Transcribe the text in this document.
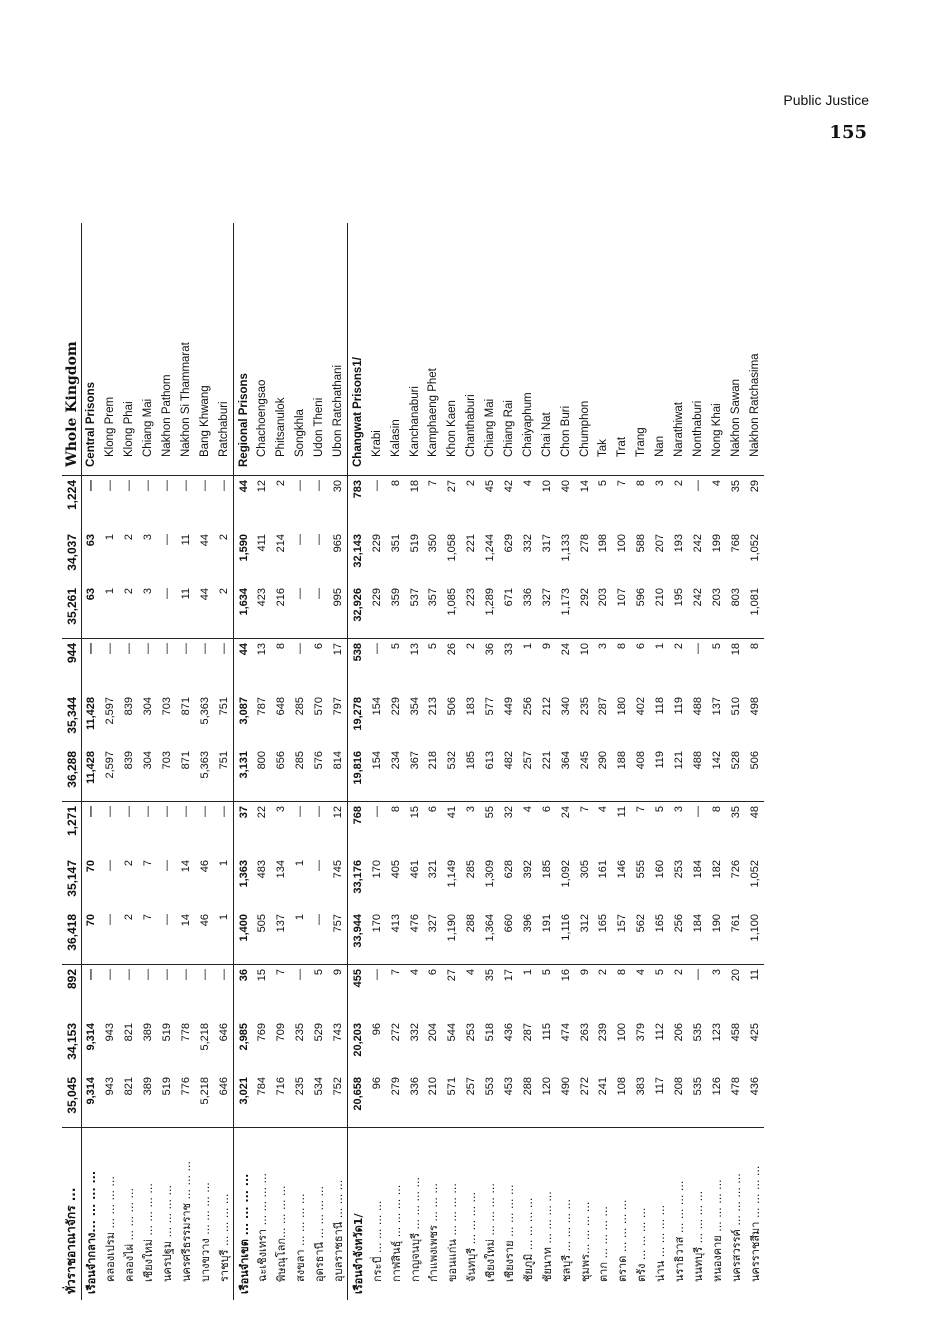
Public Justice
155
ทั่วราชอาณาจักร ...	35,045	34,153	892	36,418	35,147	1,271	36,288	35,344	944	35,261	34,037	1,224	Whole Kingdom
เรือนจำกลาง... ... ... ...	9,314	9,314	—	70	70	—	11,428	11,428	—	63	63	—	Central Prisons
คลองเปรม ... ... ... ...	943	943	—	—	—	—	2,597	2,597	—	1	1	—	Klong Prem
คลองไผ่ ... ... ... ...	821	821	—	2	2	—	839	839	—	2	2	—	Klong Phai
เชียงใหม่ ... ... ... ...	389	389	—	7	7	—	304	304	—	3	3	—	Chiang Mai
นครปฐม ... ... ... ...	519	519	—	—	—	—	703	703	—	—	—	—	Nakhon Pathom
นครศรีธรรมราช ... ... ...	776	778	—	14	14	—	871	871	—	11	11	—	Nakhon Si Thammarat
บางขวาง ... ... ... ...	5,218	5,218	—	46	46	—	5,363	5,363	—	44	44	—	Bang Khwang
ราชบุรี ... ... ... ...	646	646	—	1	1	—	751	751	—	2	2	—	Ratchaburi
เรือนจำเขต ... ... ... ...	3,021	2,985	36	1,400	1,363	37	3,131	3,087	44	1,634	1,590	44	Regional Prisons
ฉะเชิงเทรา ... ... ... ...	784	769	15	505	483	22	800	787	13	423	411	12	Chachoengsao
พิษณุโลก... ... ... ...	716	709	7	137	134	3	656	648	8	216	214	2	Phitsanulok
สงขลา ... ... ... ...	235	235	—	1	1	—	285	285	—	—	—	—	Songkhla
อุดรธานี ... ... ... ...	534	529	5	—	—	—	576	570	6	—	—	—	Udon Theni
อุบลราชธานี ... ... ...	752	743	9	757	745	12	814	797	17	995	965	30	Ubon Ratchathani
เรือนจำจังหวัด1/	20,658	20,203	455	33,944	33,176	768	19,816	19,278	538	32,926	32,143	783	Changwat Prisons1/
กระบี่ ... ... ... ...	96	96	—	170	170	—	154	154	—	229	229	—	Krabi
กาฬสินธุ์ ... ... ... ...	279	272	7	413	405	8	234	229	5	359	351	8	Kalasin
กาญจนบุรี ... ... ... ...	336	332	4	476	461	15	367	354	13	537	519	18	Kanchanaburi
กำแพงเพชร ... ... ...	210	204	6	327	321	6	218	213	5	357	350	7	Kamphaeng Phet
ขอนแก่น ... ... ... ...	571	544	27	1,190	1,149	41	532	506	26	1,085	1,058	27	Khon Kaen
จันทบุรี ... ... ... ...	257	253	4	288	285	3	185	183	2	223	221	2	Chanthaburi
เชียงใหม่ ... ... ... ...	553	518	35	1,364	1,309	55	613	577	36	1,289	1,244	45	Chiang Mai
เชียงราย ... ... ... ...	453	436	17	660	628	32	482	449	33	671	629	42	Chiang Rai
ชัยภูมิ ... ... ... ...	288	287	1	396	392	4	257	256	1	336	332	4	Chaiyaphum
ชัยนาท ... ... ... ...	120	115	5	191	185	6	221	212	9	327	317	10	Chai Nat
ชลบุรี ... ... ... ...	490	474	16	1,116	1,092	24	364	340	24	1,173	1,133	40	Chon Buri
ชุมพร... ... ... ...	272	263	9	312	305	7	245	235	10	292	278	14	Chumphon
ตาก ... ... ... ...	241	239	2	165	161	4	290	287	3	203	198	5	Tak
ตราด ... ... ... ...	108	100	8	157	146	11	188	180	8	107	100	7	Trat
ตรัง ... ... ... ...	383	379	4	562	555	7	408	402	6	596	588	8	Trang
น่าน ... ... ... ...	117	112	5	165	160	5	119	118	1	210	207	3	Nan
นราธิวาส ... ... ... ...	208	206	2	256	253	3	121	119	2	195	193	2	Narathiwat
นนทบุรี ... ... ... ...	535	535	—	184	184	—	488	488	—	242	242	—	Nonthaburi
หนองคาย ... ... ... ...	126	123	3	190	182	8	142	137	5	203	199	4	Nong Khai
นครสวรรค์ ... ... ... ...	478	458	20	761	726	35	528	510	18	803	768	35	Nakhon Sawan
นครราชสีมา ... ... ... ...	436	425	11	1,100	1,052	48	506	498	8	1,081	1,052	29	Nakhon Ratchasima
